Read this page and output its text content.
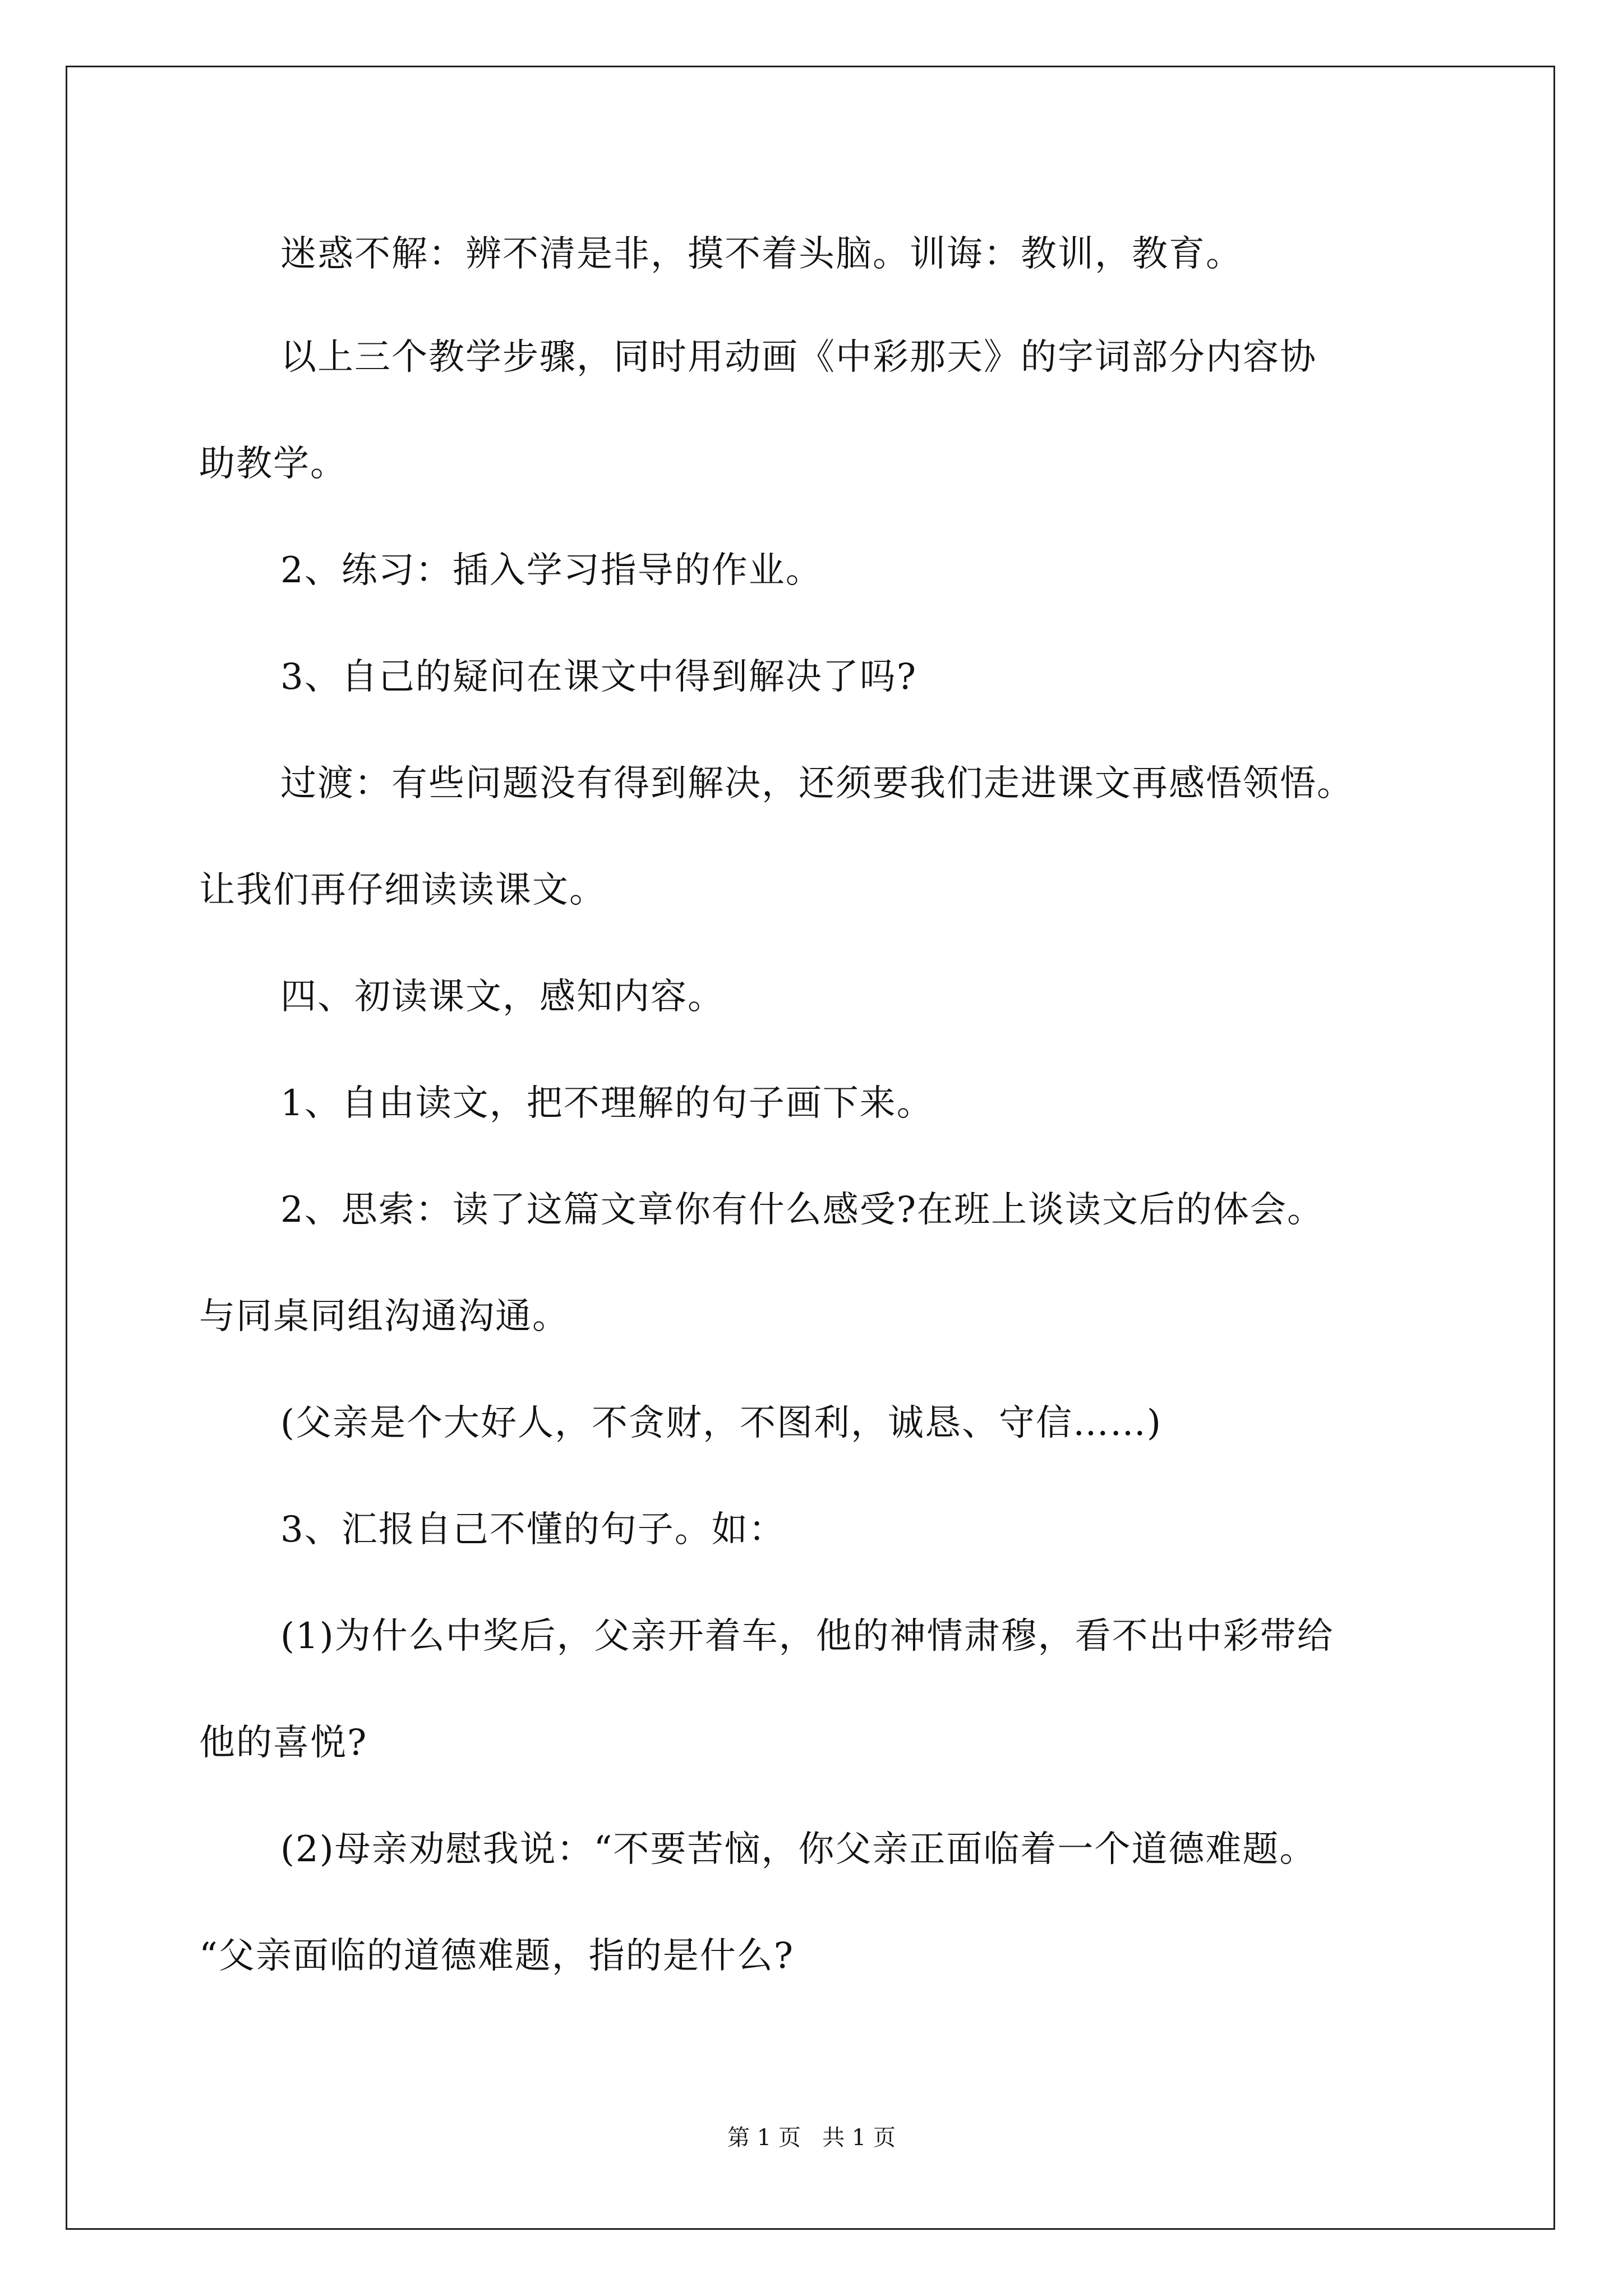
迷惑不解：辨不清是非，摸不着头脑。训诲：教训，教育。
以上三个教学步骤，同时用动画《中彩那天》的字词部分内容协
助教学。
2、练习：插入学习指导的作业。
3、自己的疑问在课文中得到解决了吗?
过渡：有些问题没有得到解决，还须要我们走进课文再感悟领悟。
让我们再仔细读读课文。
四、初读课文，感知内容。
1、自由读文，把不理解的句子画下来。
2、思索：读了这篇文章你有什么感受?在班上谈读文后的体会。
与同桌同组沟通沟通。
(父亲是个大好人，不贪财，不图利，诚恳、守信……)
3、汇报自己不懂的句子。如：
(1)为什么中奖后，父亲开着车，他的神情肃穆，看不出中彩带给
他的喜悦?
(2)母亲劝慰我说：“不要苦恼，你父亲正面临着一个道德难题。
“父亲面临的道德难题，指的是什么?
第 1 页   共 1 页
